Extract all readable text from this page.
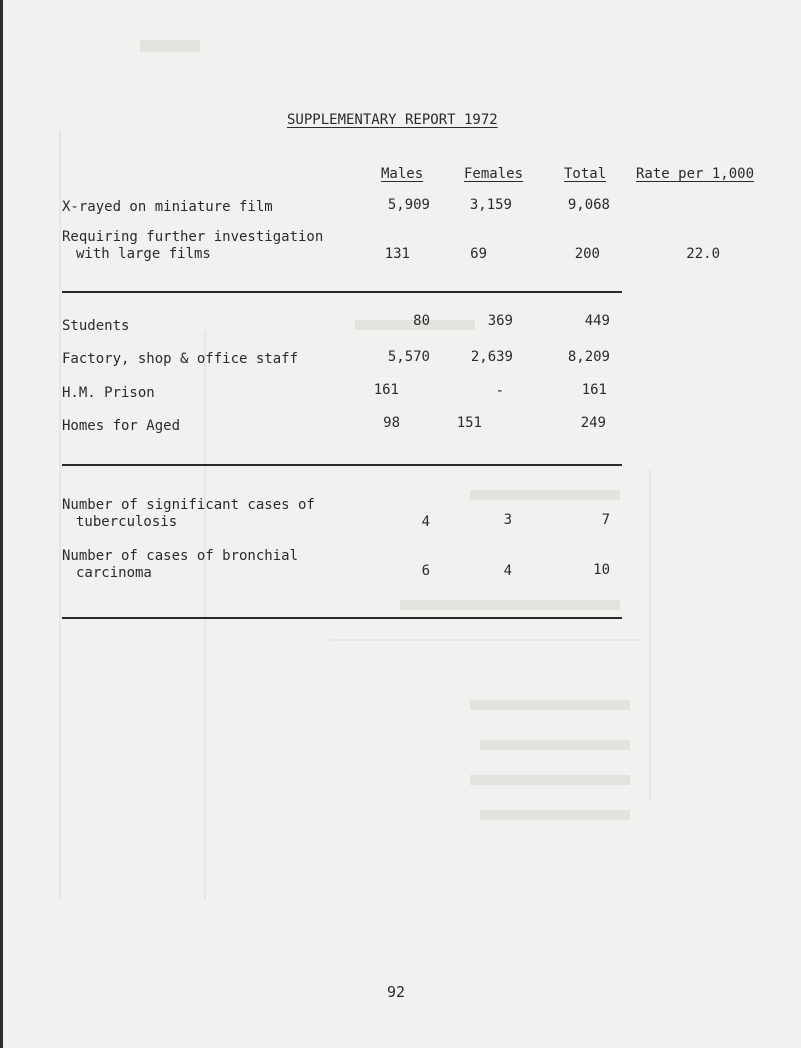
SUPPLEMENTARY REPORT 1972
Males	Females	Total Rate per 1,000
X-rayed on miniature film	5,909	3,159	9,068
Requiring further investigation
with large films	131	69	200	22.0
Students	80	369	449
Factory, shop & office staff	5,570	2,639	8,209
H.M. Prison	161	-	161
Homes for Aged	98	151	249
Number of significant cases of
tuberculosis	4	3	7
Number of cases of bronchial
carcinoma	6	4	10
92
